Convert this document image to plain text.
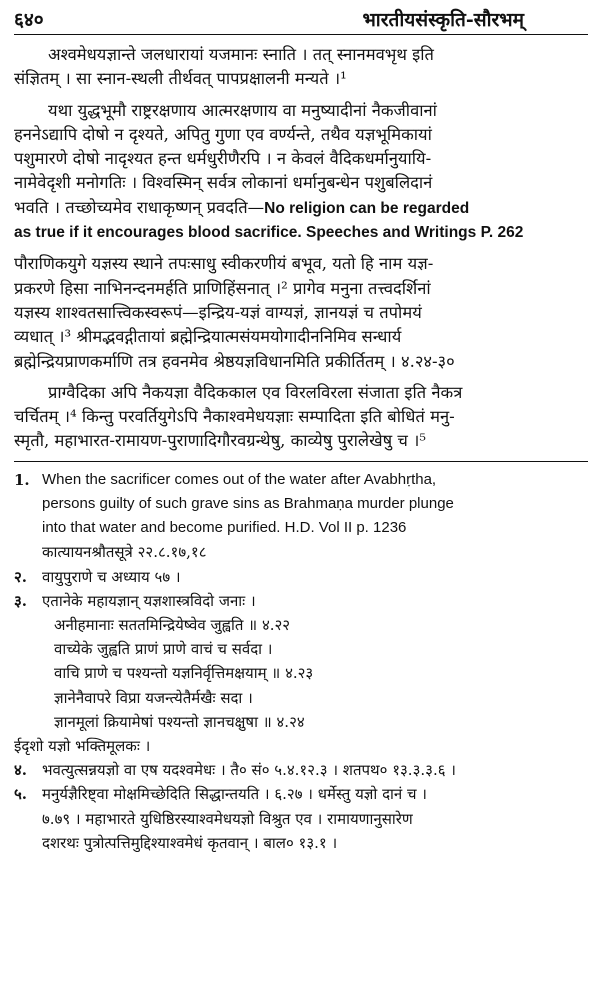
६४०	भारतीयसंस्कृति-सौरभम्
अश्वमेधयज्ञान्ते जलधारायां यजमानः स्नाति । तत् स्नानमवभृथ इति
संज्ञितम् । सा स्नान-स्थली तीर्थवत् पापप्रक्षालनी मन्यते ।¹
यथा युद्धभूमौ राष्ट्ररक्षणाय आत्मरक्षणाय वा मनुष्यादीनां नैकजीवानां
हननेऽद्यापि दोषो न दृश्यते, अपितु गुणा एव वर्ण्यन्ते, तथैव यज्ञभूमिकायां
पशुमारणे दोषो नादृश्यत हन्त धर्मधुरीणैरपि । न केवलं वैदिकधर्मानुयायि-
नामेवेदृशी मनोगतिः । विश्वस्मिन् सर्वत्र लोकानां धर्मानुबन्धेन पशुबलिदानं
भवति । तच्छोच्यमेव राधाकृष्णन् प्रवदति—No religion can be regarded
as true if it encourages blood sacrifice. Speeches and Writings P. 262
पौराणिकयुगे यज्ञस्य स्थाने तपःसाधु स्वीकरणीयं बभूव, यतो हि नाम यज्ञ-
प्रकरणे हिसा नाभिनन्दनमर्हति प्राणिहिंसनात् ।² प्रागेव मनुना तत्त्वदर्शिनां
यज्ञस्य शाश्वतसात्त्विकस्वरूपं—इन्द्रिय-यज्ञं वाग्यज्ञं, ज्ञानयज्ञं च तपोमयं
व्यधात् ।³ श्रीमद्भवद्गीतायां ब्रह्मेन्द्रियात्मसंयमयोगादीननिमिव सन्धार्य
ब्रह्मेन्द्रियप्राणकर्माणि तत्र हवनमेव श्रेष्ठयज्ञविधानमिति प्रकीर्तितम् । ४.२४-३०
प्राग्वैदिका अपि नैकयज्ञा वैदिककाल एव विरलविरला संजाता इति नैकत्र
चर्चितम् ।⁴ किन्तु परवर्तियुगेऽपि नैकाश्वमेधयज्ञाः सम्पादिता इति बोधितं मनु-
स्मृतौ, महाभारत-रामायण-पुराणादिगौरवग्रन्थेषु, काव्येषु पुरालेखेषु च ।⁵
1. When the sacrificer comes out of the water after Avabhṛtha,
persons guilty of such grave sins as Brahmaṇa murder plunge
into that water and become purified. H.D. Vol II p. 1236
कात्यायनश्रौतसूत्रे २२.८.१७,१८
२. वायुपुराणे च अध्याय ५७ ।
३. एतानेके महायज्ञान् यज्ञशास्त्रविदो जनाः ।
अनीहमानाः सततमिन्द्रियेष्वेव जुह्वति ॥ ४.२२
वाच्येके जुह्वति प्राणं प्राणे वाचं च सर्वदा ।
वाचि प्राणे च पश्यन्तो यज्ञनिर्वृत्तिमक्षयाम् ॥ ४.२३
ज्ञानेनैवापरे विप्रा यजन्त्येतैर्मखैः सदा ।
ज्ञानमूलां क्रियामेषां पश्यन्तो ज्ञानचक्षुषा ॥ ४.२४
ईदृशो यज्ञो भक्तिमूलकः ।
४. भवत्युत्सन्नयज्ञो वा एष यदश्वमेधः । तै० सं० ५.४.१२.३ । शतपथ० १३.३.३.६ ।
५. मनुर्यज्ञैरिष्ट्वा मोक्षमिच्छेदिति सिद्धान्तयति । ६.२७ । धर्मेस्तु यज्ञो दानं च ।
७.७९ । महाभारते युधिष्ठिरस्याश्वमेधयज्ञो विश्रुत एव । रामायणानुसारेण
दशरथः पुत्रोत्पत्तिमुद्दिश्याश्वमेधं कृतवान् । बाल० १३.१ ।
